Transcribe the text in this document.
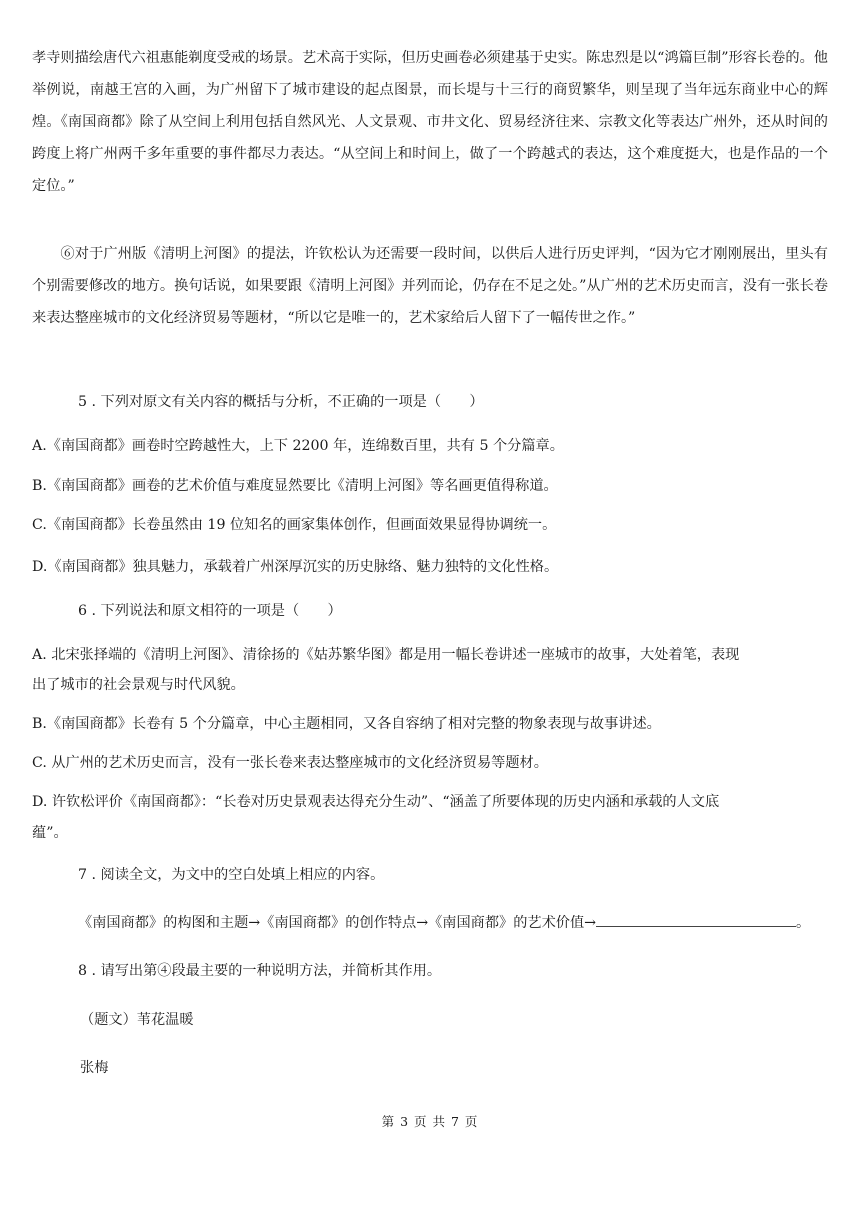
孝寺则描绘唐代六祖惠能剃度受戒的场景。艺术高于实际，但历史画卷必须建基于史实。陈忠烈是以“鸿篇巨制”形容长卷的。他举例说，南越王宫的入画，为广州留下了城市建设的起点图景，而长堤与十三行的商贸繁华，则呈现了当年远东商业中心的辉煌。《南国商都》除了从空间上利用包括自然风光、人文景观、市井文化、贸易经济往来、宗教文化等表达广州外，还从时间的跨度上将广州两千多年重要的事件都尽力表达。“从空间上和时间上，做了一个跨越式的表达，这个难度挺大，也是作品的一个定位。”

⑥对于广州版《清明上河图》的提法，许钦松认为还需要一段时间，以供后人进行历史评判，“因为它才刚刚展出，里头有个别需要修改的地方。换句话说，如果要跟《清明上河图》并列而论，仍存在不足之处。”从广州的艺术历史而言，没有一张长卷来表达整座城市的文化经济贸易等题材，“所以它是唯一的，艺术家给后人留下了一幅传世之作。”

5 . 下列对原文有关内容的概括与分析，不正确的一项是（　　）

A.《南国商都》画卷时空跨越性大，上下 2200 年，连绵数百里，共有 5 个分篇章。

B.《南国商都》画卷的艺术价值与难度显然要比《清明上河图》等名画更值得称道。

C.《南国商都》长卷虽然由 19 位知名的画家集体创作，但画面效果显得协调统一。

D.《南国商都》独具魅力，承载着广州深厚沉实的历史脉络、魅力独特的文化性格。

6 . 下列说法和原文相符的一项是（　　）

A. 北宋张择端的《清明上河图》、清徐扬的《姑苏繁华图》都是用一幅长卷讲述一座城市的故事，大处着笔，表现

出了城市的社会景观与时代风貌。

B.《南国商都》长卷有 5 个分篇章，中心主题相同，又各自容纳了相对完整的物象表现与故事讲述。

C. 从广州的艺术历史而言，没有一张长卷来表达整座城市的文化经济贸易等题材。

D. 许钦松评价《南国商都》：“长卷对历史景观表达得充分生动”、“涵盖了所要体现的历史内涵和承载的人文底

蕴”。

7 . 阅读全文，为文中的空白处填上相应的内容。

《南国商都》的构图和主题→《南国商都》的创作特点→《南国商都》的艺术价值→	。

8 . 请写出第④段最主要的一种说明方法，并简析其作用。

（题文）苇花温暖

张梅

第 3 页 共 7 页
